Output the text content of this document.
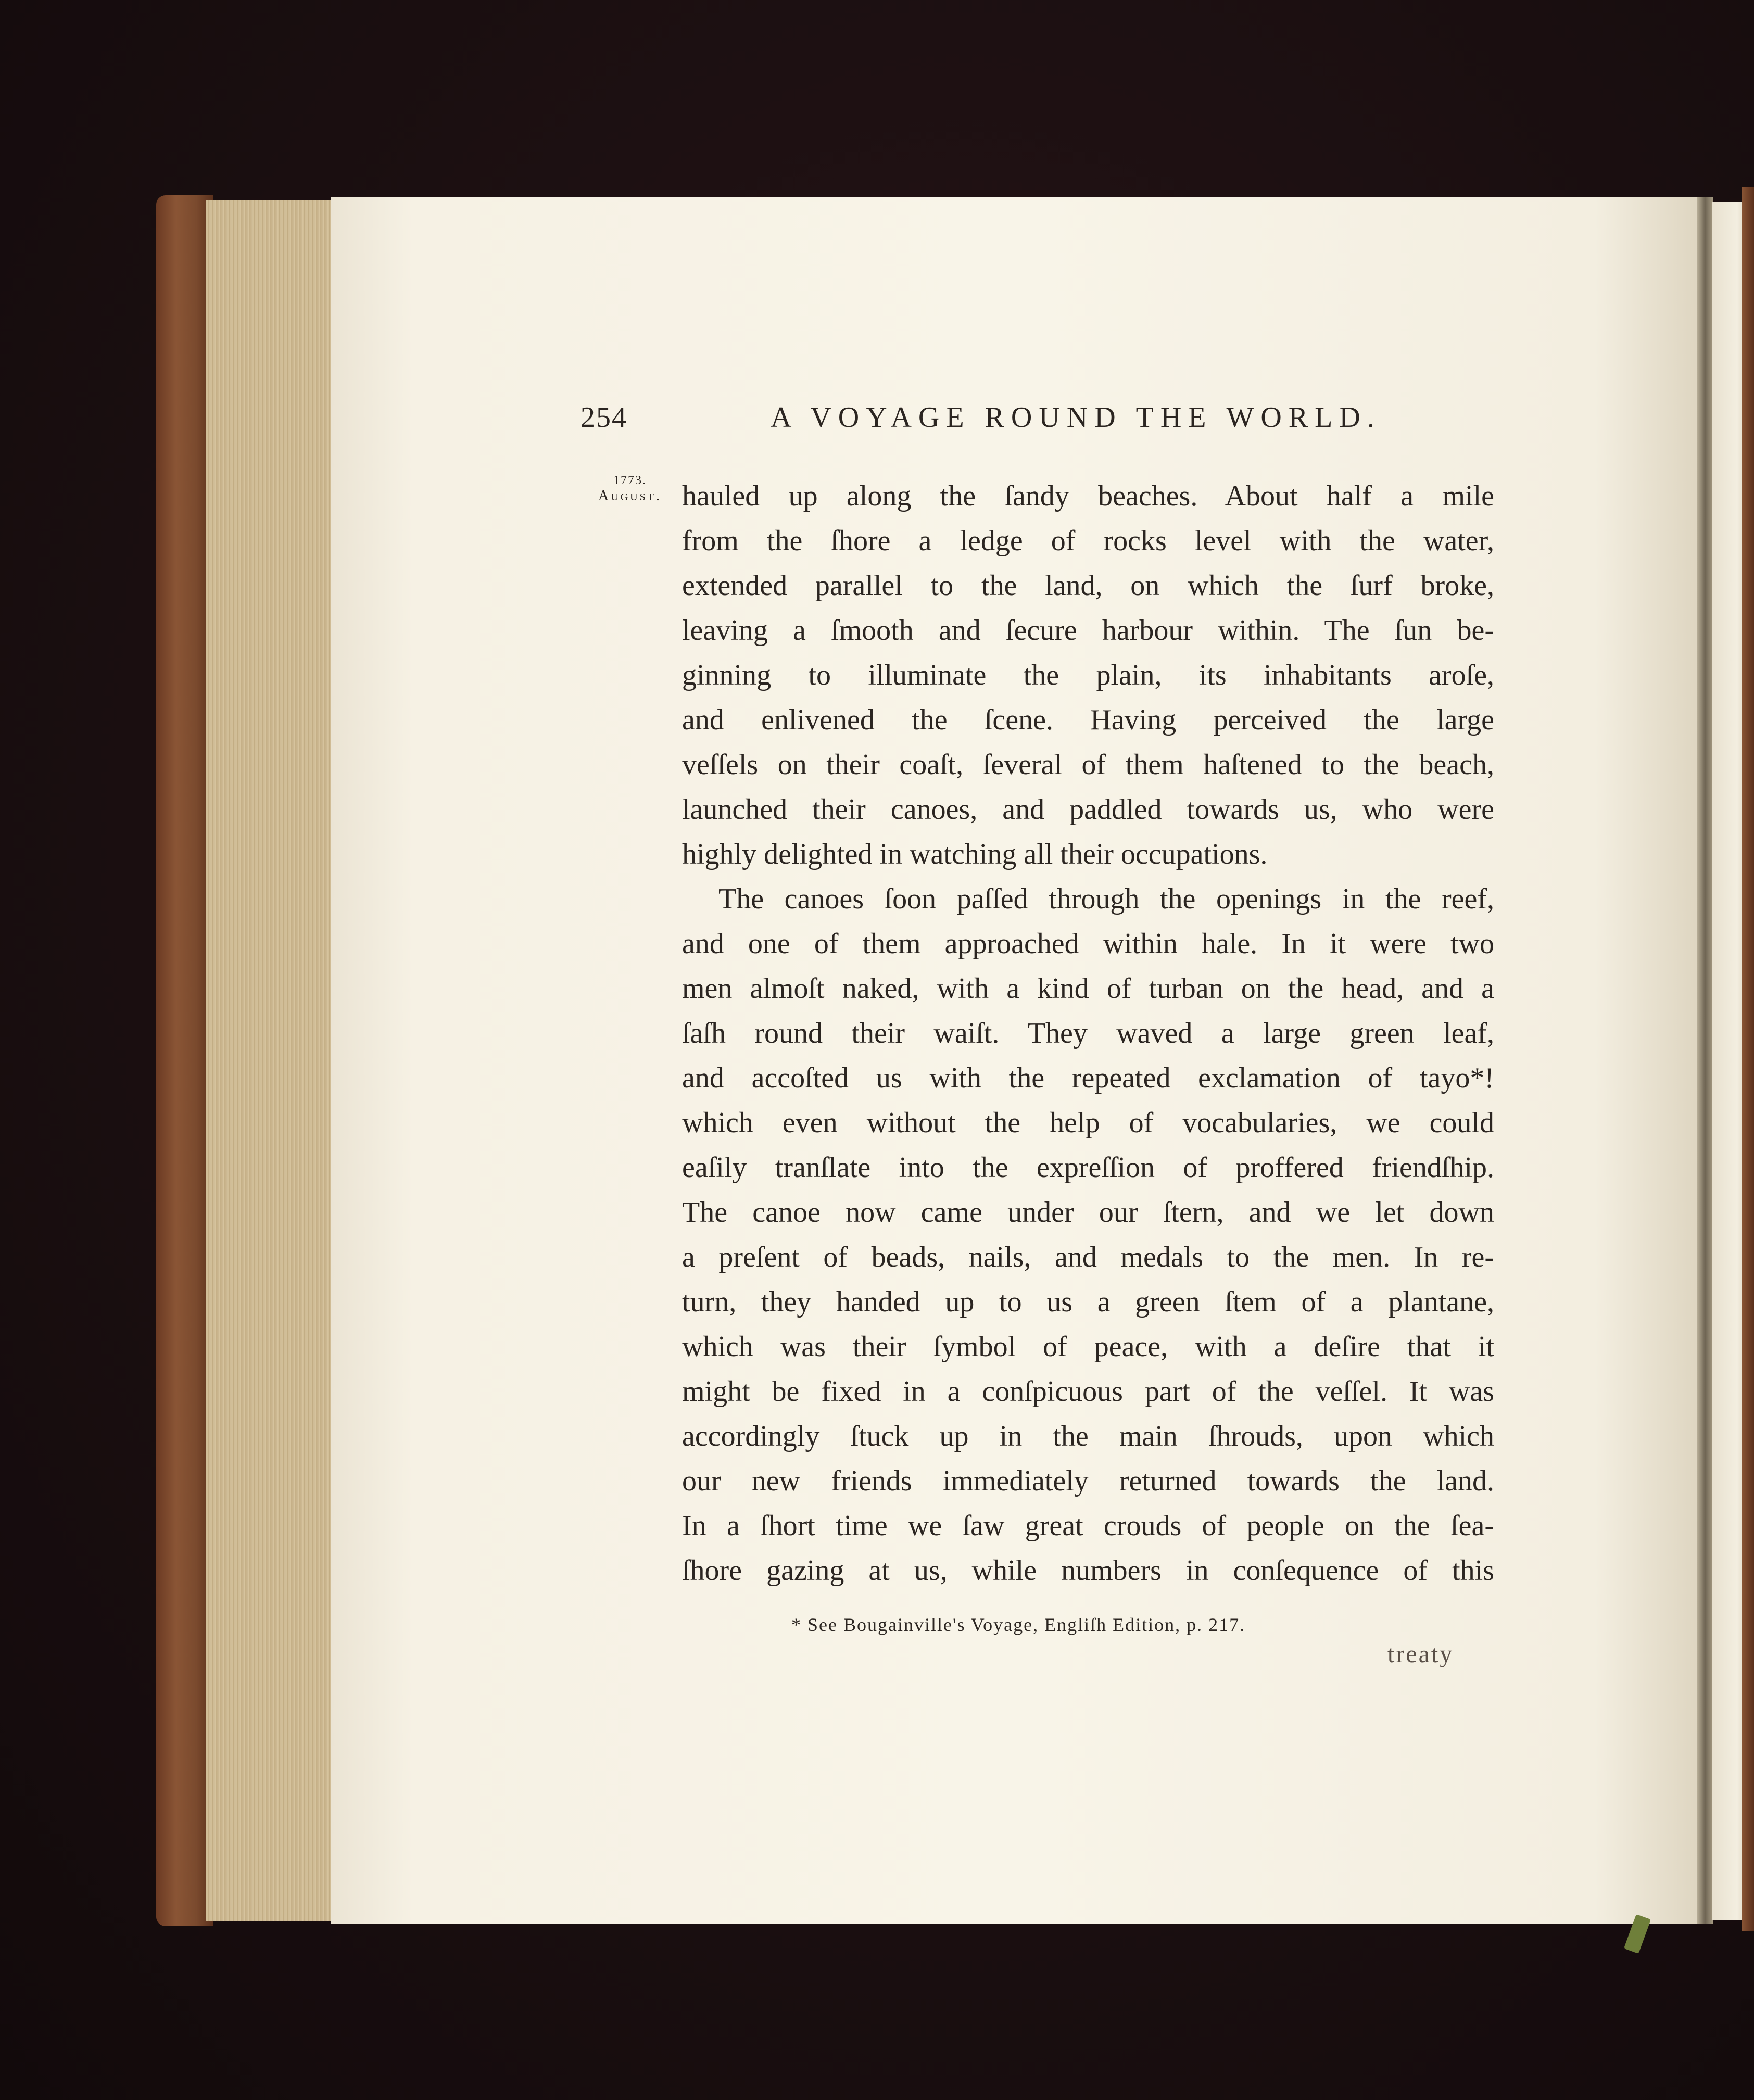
254	A VOYAGE ROUND THE WORLD.
1773.
August. hauled up along the ſandy beaches. About half a mile

from the ſhore a ledge of rocks level with the water,

extended parallel to the land, on which the ſurf broke,

leaving a ſmooth and ſecure harbour within. The ſun be-

ginning to illuminate the plain, its inhabitants aroſe,

and enlivened the ſcene. Having perceived the large

veſſels on their coaſt, ſeveral of them haſtened to the beach,

launched their canoes, and paddled towards us, who were

highly delighted in watching all their occupations.

The canoes ſoon paſſed through the openings in the reef,

and one of them approached within hale. In it were two

men almoſt naked, with a kind of turban on the head, and a

ſaſh round their waiſt. They waved a large green leaf,

and accoſted us with the repeated exclamation of tayo*!

which even without the help of vocabularies, we could

eaſily tranſlate into the expreſſion of proffered friendſhip.

The canoe now came under our ſtern, and we let down

a preſent of beads, nails, and medals to the men. In re-

turn, they handed up to us a green ſtem of a plantane,

which was their ſymbol of peace, with a deſire that it

might be fixed in a conſpicuous part of the veſſel. It was

accordingly ſtuck up in the main ſhrouds, upon which

our new friends immediately returned towards the land.

In a ſhort time we ſaw great crouds of people on the ſea-

ſhore gazing at us, while numbers in conſequence of this

* See Bougainville's Voyage, Engliſh Edition, p. 217.
treaty
